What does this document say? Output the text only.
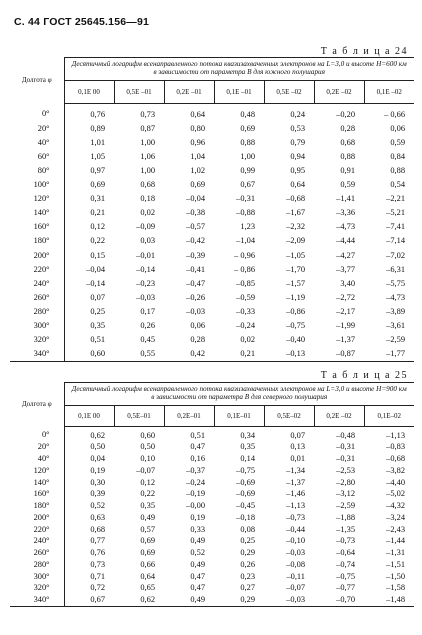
С. 44 ГОСТ 25645.156—91
Т а б л и ц а 24
Долгота φ	Десятичный логарифм всенаправленного потока квазизахваченных электронов на L=3,0 и высоте H=600 км в зависимости от параметра B для южного полушария						
	0,1E 00	0,5E –01	0,2E –01	0,1E –01	0,5E –02	0,2E –02	0,1E –02
0°	0,76	0,73	0,64	0,48	0,24	–0,20	– 0,66
20°	0,89	0,87	0,80	0,69	0,53	0,28	0,06
40°	1,01	1,00	0,96	0,88	0,79	0,68	0,59
60°	1,05	1,06	1,04	1,00	0,94	0,88	0,84
80°	0,97	1,00	1,02	0,99	0,95	0,91	0,88
100°	0,69	0,68	0,69	0,67	0,64	0,59	0,54
120°	0,31	0,18	–0,04	–0,31	–0,68	–1,41	–2,21
140°	0,21	0,02	–0,38	–0,88	–1,67	–3,36	–5,21
160°	0,12	–0,09	–0,57	1,23	–2,32	–4,73	–7,41
180°	0,22	0,03	–0,42	–1,04	–2,09	–4,44	–7,14
200°	0,15	–0,01	–0,39	– 0,96	–1,05	–4,27	–7,02
220°	–0,04	–0,14	–0,41	– 0,86	–1,70	–3,77	–6,31
240°	–0,14	–0,23	–0,47	–0,85	–1,57	3,40	–5,75
260°	0,07	–0,03	–0,26	–0,59	–1,19	–2,72	–4,73
280°	0,25	0,17	–0,03	–0,33	–0,86	–2,17	–3,89
300°	0,35	0,26	0,06	–0,24	–0,75	–1,99	–3,61
320°	0,51	0,45	0,28	0,02	–0,40	–1,37	–2,59
340°	0,60	0,55	0,42	0,21	–0,13	–0,87	–1,77
Т а б л и ц а 25
Долгота φ	Десятичный логарифм всенаправленного потока квазизахваченных электронов на L=3,0 и высоте H=900 км в зависимости от параметра B для северного полушария						
	0,1E 00	0,5E–01	0,2E–01	0,1E–01	0,5E–02	0,2E –02	0,1E–02
0°	0,62	0,60	0,51	0,34	0,07	–0,48	–1,13
20°	0,50	0,50	0,47	0,35	0,13	–0,31	–0,83
40°	0,04	0,10	0,16	0,14	0,01	–0,31	–0,68
120°	0,19	–0,07	–0,37	–0,75	–1,34	–2,53	–3,82
140°	0,30	0,12	–0,24	–0,69	–1,37	–2,80	–4,40
160°	0,39	0,22	–0,19	–0,69	–1,46	–3,12	–5,02
180°	0,52	0,35	–0,00	–0,45	–1,13	–2,59	–4,32
200°	0,63	0,49	0,19	–0,18	–0,73	–1,88	–3,24
220°	0,68	0,57	0,33	0,08	–0,44	–1,35	–2,43
240°	0,77	0,69	0,49	0,25	–0,10	–0,73	–1,44
260°	0,76	0,69	0,52	0,29	–0,03	–0,64	–1,31
280°	0,73	0,66	0,49	0,26	–0,08	–0,74	–1,51
300°	0,71	0,64	0,47	0,23	–0,11	–0,75	–1,50
320°	0,72	0,65	0,47	0,27	–0,07	–0,77	–1,58
340°	0,67	0,62	0,49	0,29	–0,03	–0,70	–1,48
